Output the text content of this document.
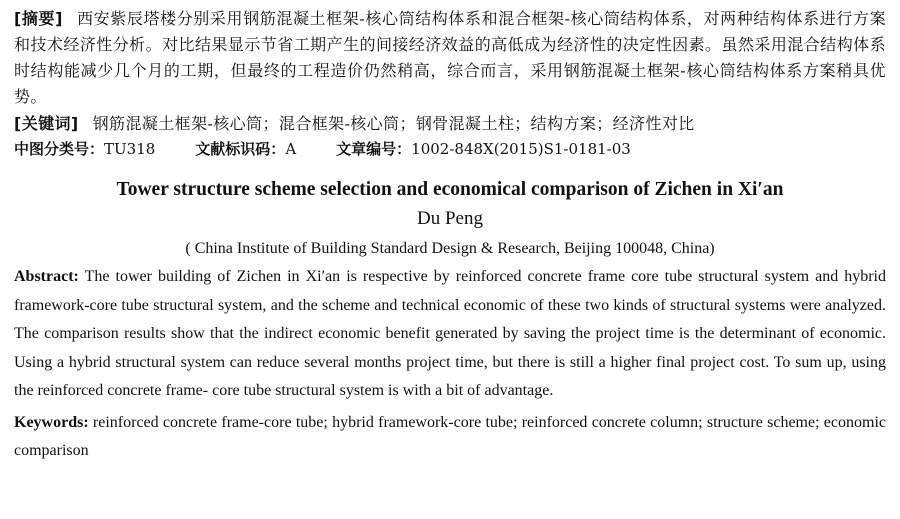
[摘要] 西安紫辰塔楼分别采用钢筋混凝土框架-核心筒结构体系和混合框架-核心筒结构体系，对两种结构体系进行方案和技术经济性分析。对比结果显示节省工期产生的间接经济效益的高低成为经济性的决定性因素。虽然采用混合结构体系时结构能减少几个月的工期，但最终的工程造价仍然稍高，综合而言，采用钢筋混凝土框架-核心筒结构体系方案稍具优势。

[关键词] 钢筋混凝土框架-核心筒；混合框架-核心筒；钢骨混凝土柱；结构方案；经济性对比

中图分类号：TU318	文献标识码：A	文章编号：1002-848X(2015)S1-0181-03

Tower structure scheme selection and economical comparison of Zichen in Xi′an
Du Peng
( China Institute of Building Standard Design & Research, Beijing 100048, China)

Abstract: The tower building of Zichen in Xi′an is respective by reinforced concrete frame core tube structural system and hybrid framework-core tube structural system, and the scheme and technical economic of these two kinds of structural systems were analyzed. The comparison results show that the indirect economic benefit generated by saving the project time is the determinant of economic. Using a hybrid structural system can reduce several months project time, but there is still a higher final project cost. To sum up, using the reinforced concrete frame- core tube structural system is with a bit of advantage.

Keywords: reinforced concrete frame-core tube; hybrid framework-core tube; reinforced concrete column; structure scheme; economic comparison
